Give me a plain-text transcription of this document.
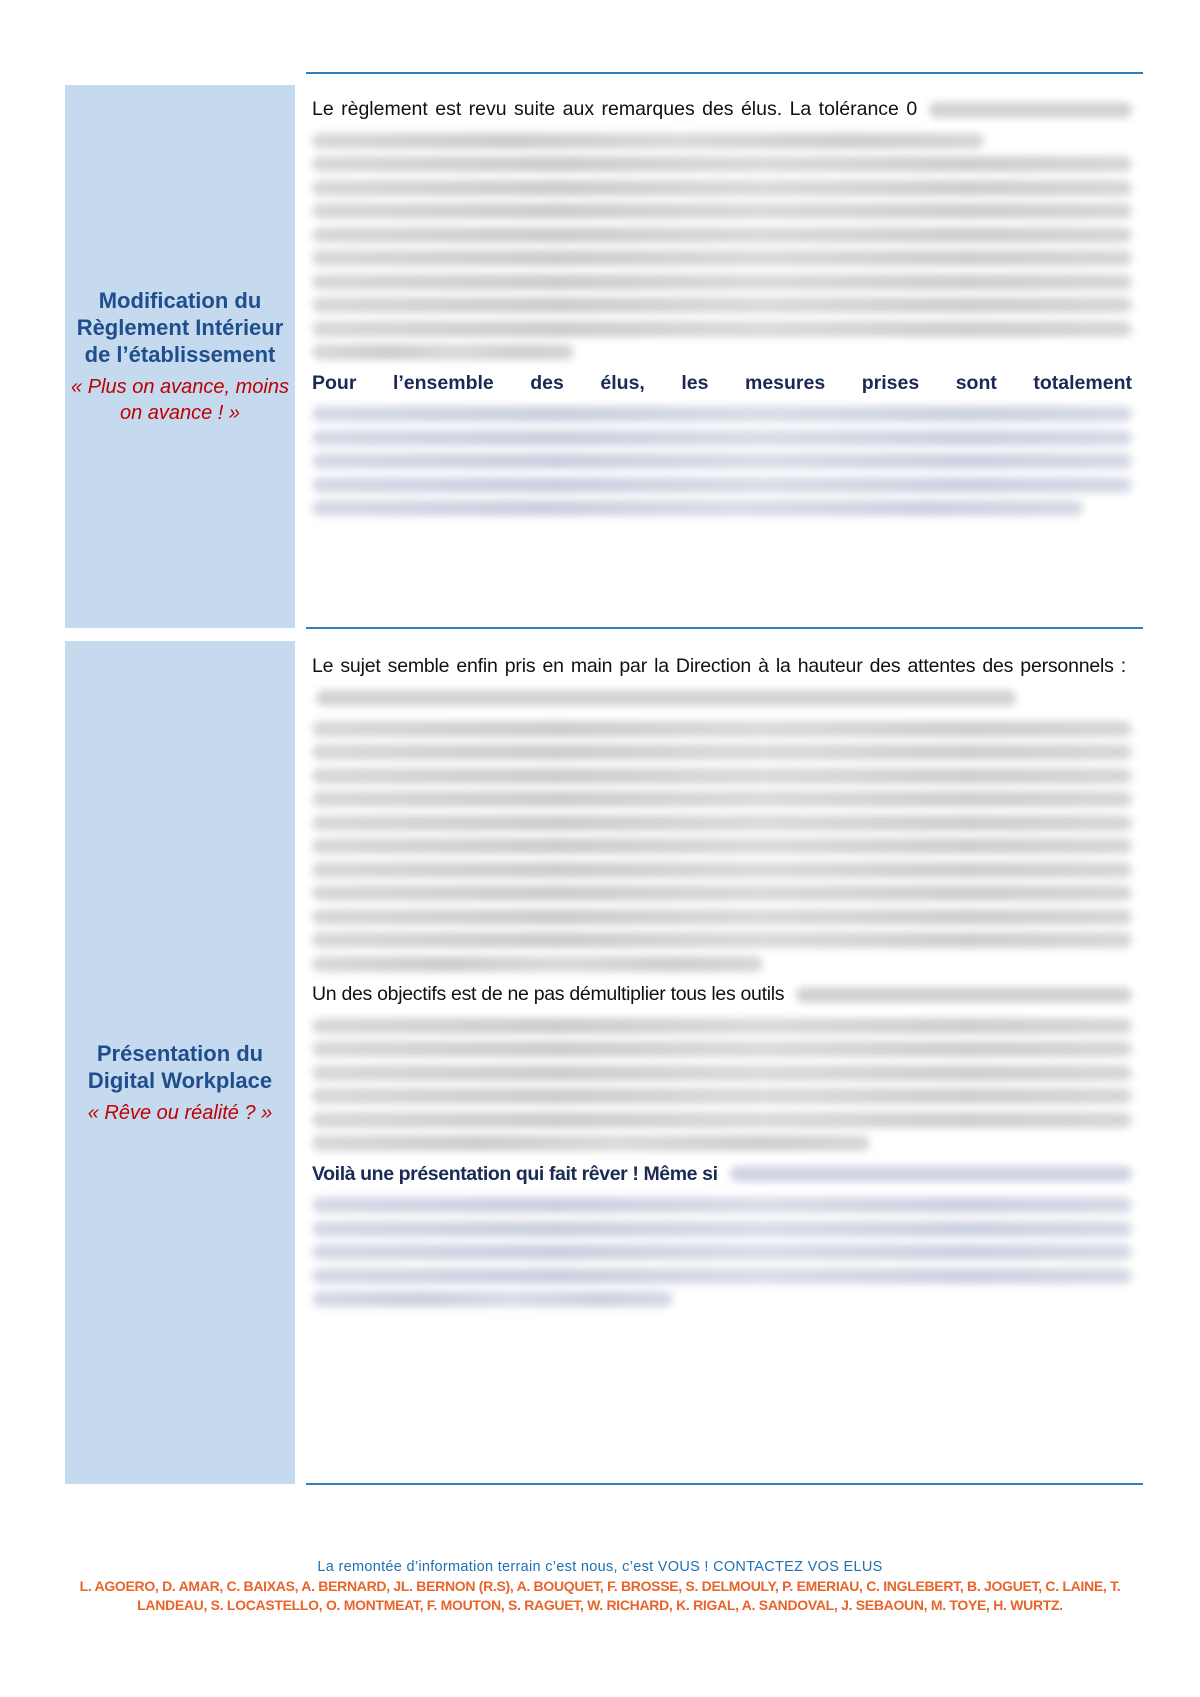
Modification du Règlement Intérieur de l’établissement
« Plus on avance, moins on avance ! »
Le règlement est revu suite aux remarques des élus. La tolérance 0
Pour l’ensemble des élus, les mesures prises sont totalement
Présentation du Digital Workplace
« Rêve ou réalité ? »
Le sujet semble enfin pris en main par la Direction à la hauteur des attentes des personnels :
Un des objectifs est de ne pas démultiplier tous les outils
Voilà une présentation qui fait rêver ! Même si
La remontée d’information terrain c’est nous, c’est VOUS ! CONTACTEZ VOS ELUS
L. AGOERO, D. AMAR, C. BAIXAS, A. BERNARD, JL. BERNON (R.S), A. BOUQUET, F. BROSSE, S. DELMOULY, P. EMERIAU, C. INGLEBERT, B. JOGUET, C. LAINE, T. LANDEAU, S. LOCASTELLO, O. MONTMEAT, F. MOUTON, S. RAGUET, W. RICHARD, K. RIGAL, A. SANDOVAL, J. SEBAOUN, M. TOYE, H. WURTZ.
